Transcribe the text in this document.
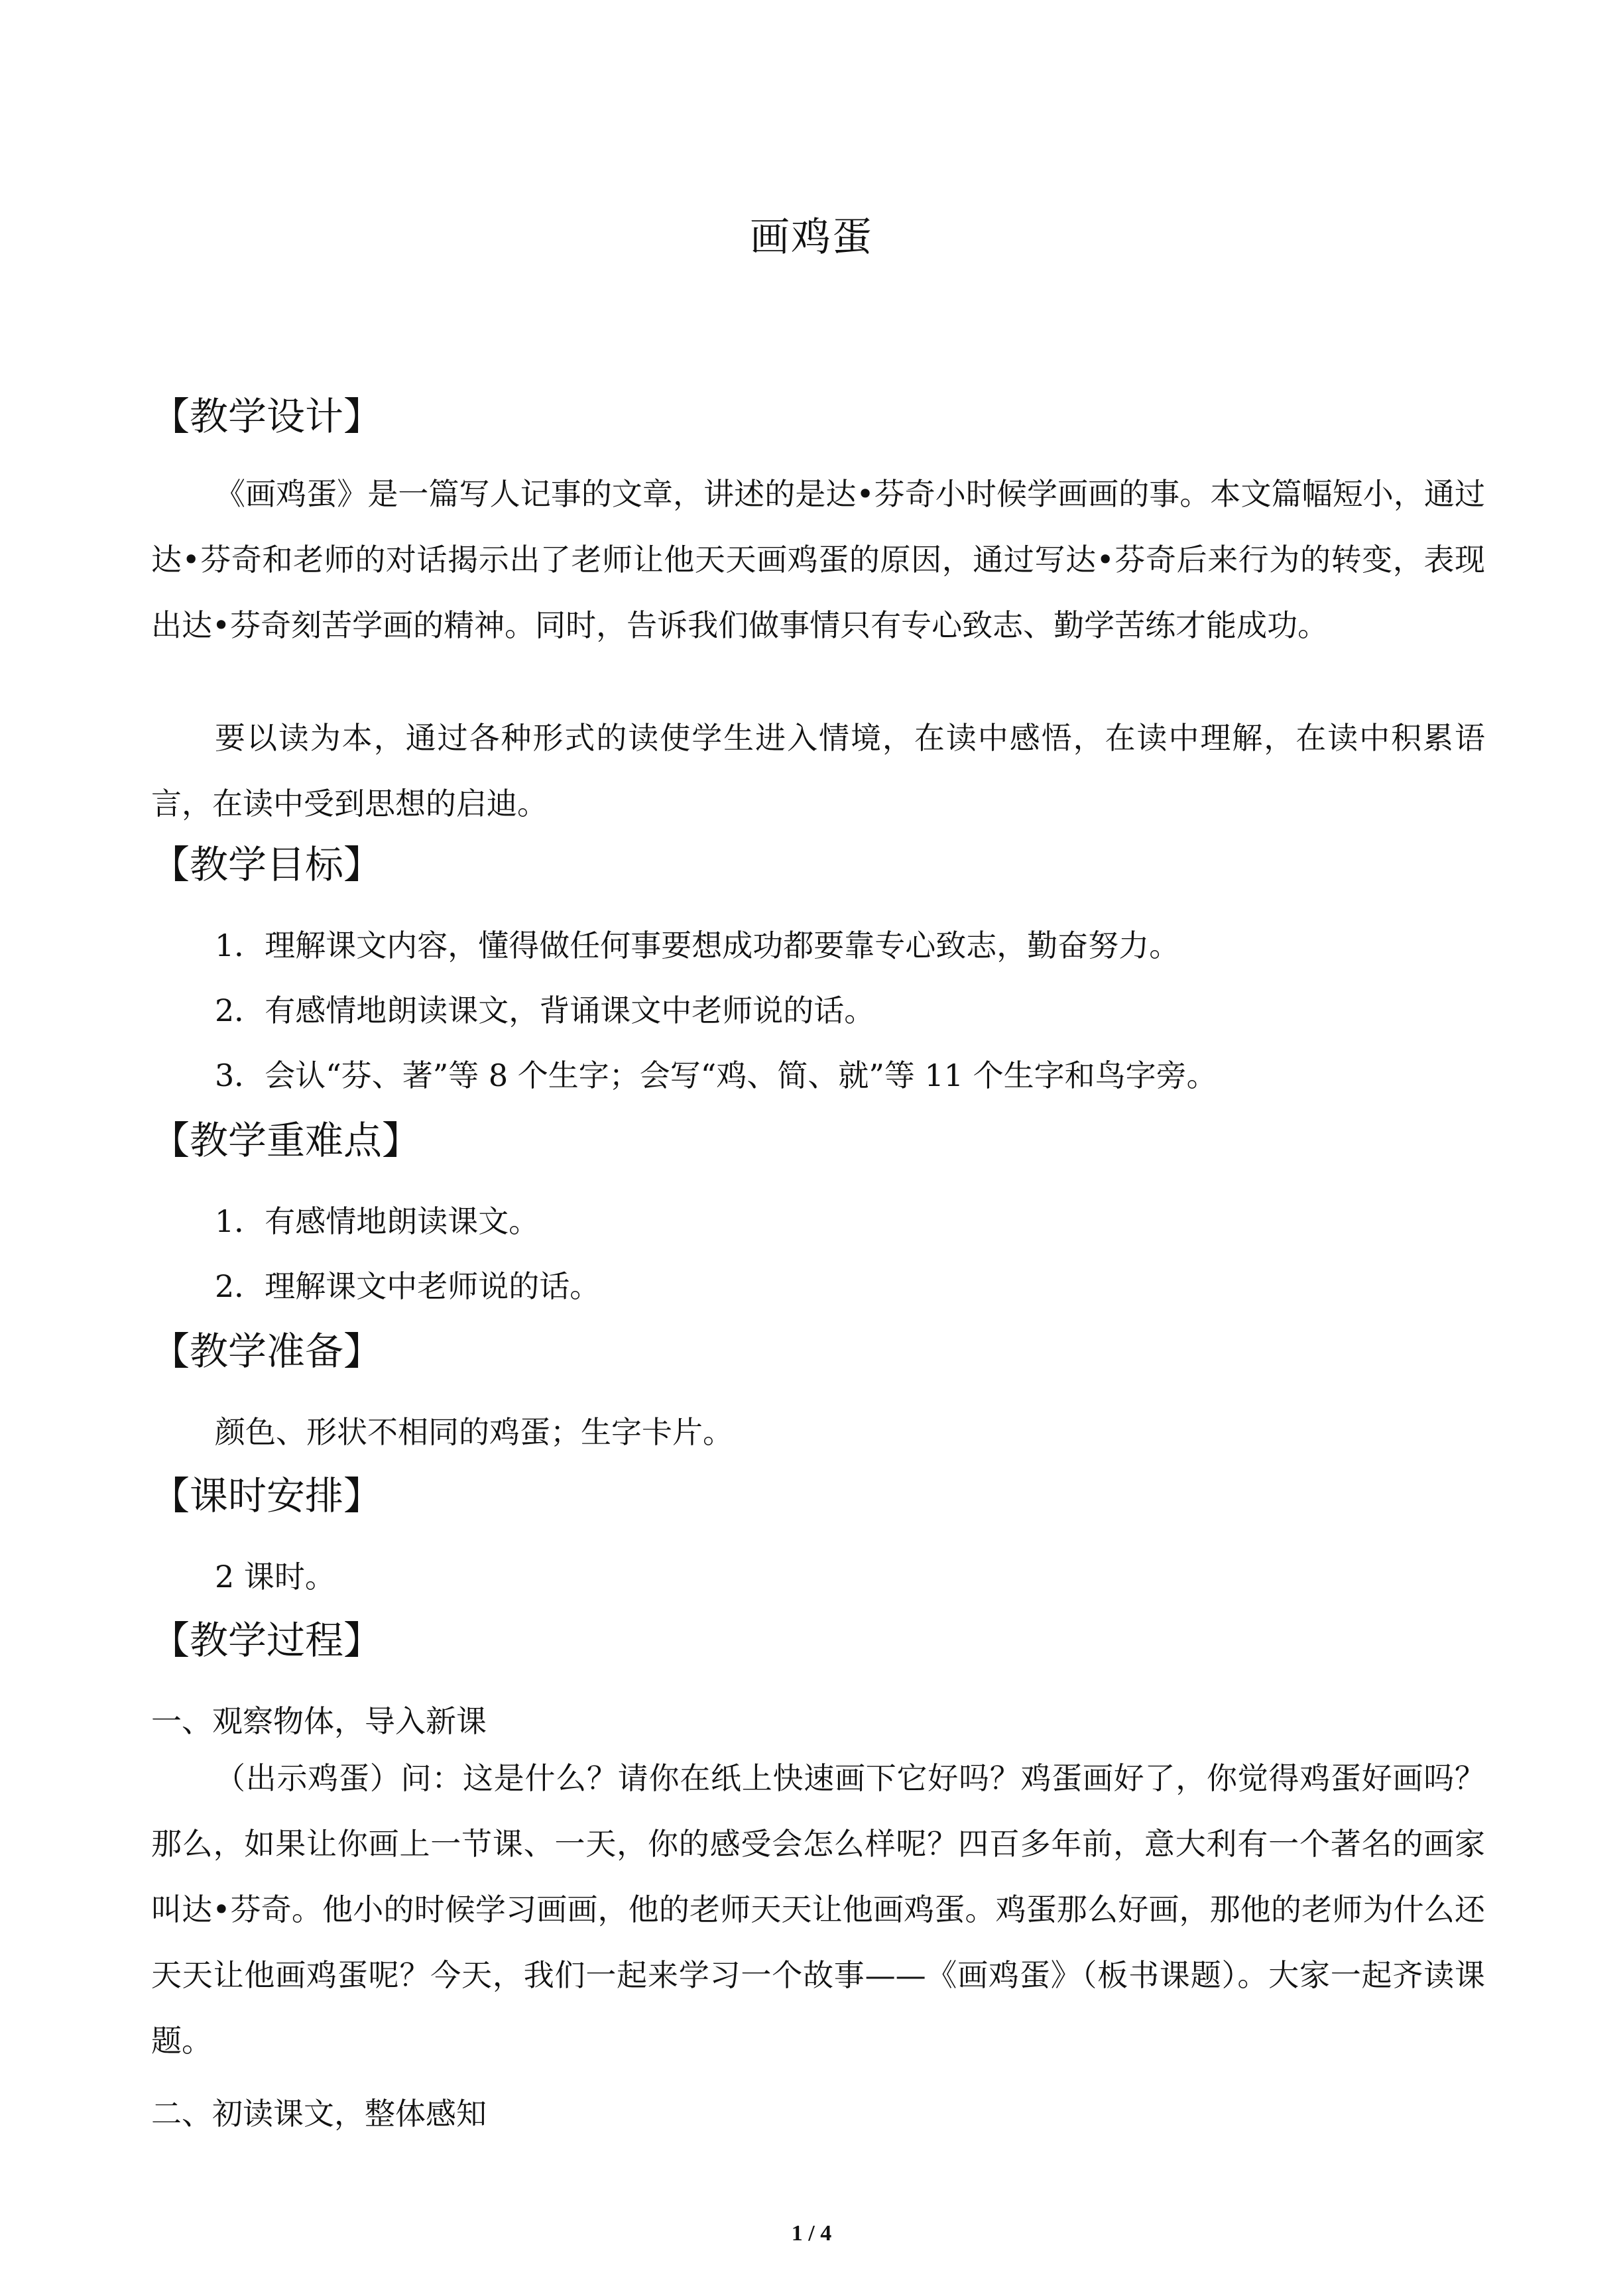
画鸡蛋
【教学设计】
《画鸡蛋》是一篇写人记事的文章，讲述的是达•芬奇小时候学画画的事。本文篇幅短小，通过达•芬奇和老师的对话揭示出了老师让他天天画鸡蛋的原因，通过写达•芬奇后来行为的转变，表现出达•芬奇刻苦学画的精神。同时，告诉我们做事情只有专心致志、勤学苦练才能成功。
要以读为本，通过各种形式的读使学生进入情境，在读中感悟，在读中理解，在读中积累语言，在读中受到思想的启迪。
【教学目标】
1．理解课文内容，懂得做任何事要想成功都要靠专心致志，勤奋努力。
2．有感情地朗读课文，背诵课文中老师说的话。
3．会认“芬、著”等 8 个生字；会写“鸡、简、就”等 11 个生字和鸟字旁。
【教学重难点】
1．有感情地朗读课文。
2．理解课文中老师说的话。
【教学准备】
颜色、形状不相同的鸡蛋；生字卡片。
【课时安排】
2 课时。
【教学过程】
一、观察物体，导入新课
（出示鸡蛋）问：这是什么？请你在纸上快速画下它好吗？鸡蛋画好了，你觉得鸡蛋好画吗？那么，如果让你画上一节课、一天，你的感受会怎么样呢？四百多年前，意大利有一个著名的画家叫达•芬奇。他小的时候学习画画，他的老师天天让他画鸡蛋。鸡蛋那么好画，那他的老师为什么还天天让他画鸡蛋呢？今天，我们一起来学习一个故事——《画鸡蛋》（板书课题）。大家一起齐读课题。
二、初读课文，整体感知
1 / 4
